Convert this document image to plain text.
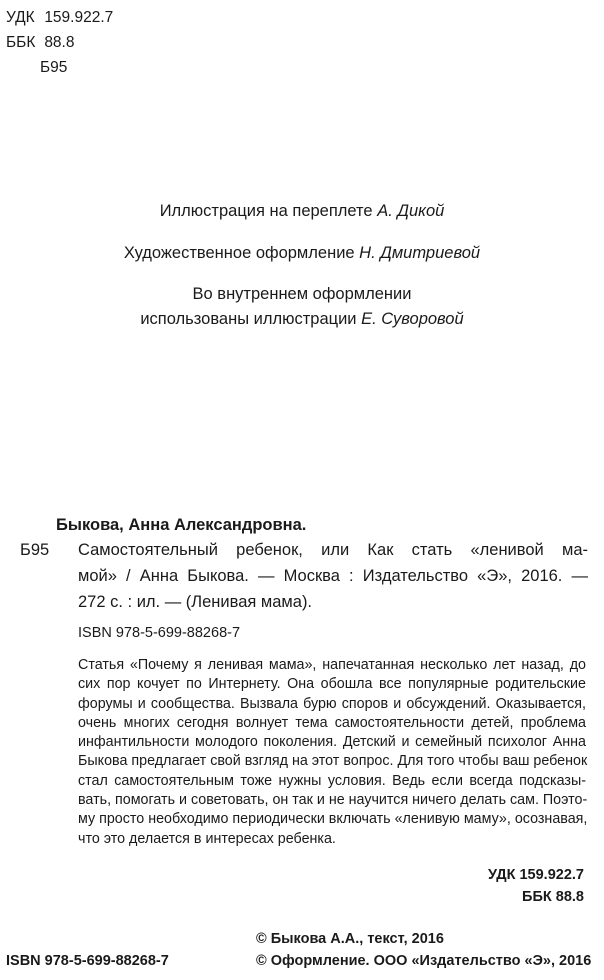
УДК 159.922.7
ББК 88.8
Б95
Иллюстрация на переплете А. Дикой
Художественное оформление Н. Дмитриевой
Во внутреннем оформлении
использованы иллюстрации Е. Суворовой
Быкова, Анна Александровна.
Б95 Самостоятельный ребенок, или Как стать «ленивой ма-
мой» / Анна Быкова. — Москва : Издательство «Э», 2016. —
272 с. : ил. — (Ленивая мама).
ISBN 978-5-699-88268-7
Статья «Почему я ленивая мама», напечатанная несколько лет назад, до
сих пор кочует по Интернету. Она обошла все популярные родительские
форумы и сообщества. Вызвала бурю споров и обсуждений. Оказывается,
очень многих сегодня волнует тема самостоятельности детей, проблема
инфантильности молодого поколения. Детский и семейный психолог Анна
Быкова предлагает свой взгляд на этот вопрос. Для того чтобы ваш ребенок
стал самостоятельным тоже нужны условия. Ведь если всегда подсказы-
вать, помогать и советовать, он так и не научится ничего делать сам. Поэто-
му просто необходимо периодически включать «ленивую маму», осознавая,
что это делается в интересах ребенка.
УДК 159.922.7
ББК 88.8
ISBN 978-5-699-88268-7
© Быкова А.А., текст, 2016
© Оформление. ООО «Издательство «Э», 2016
